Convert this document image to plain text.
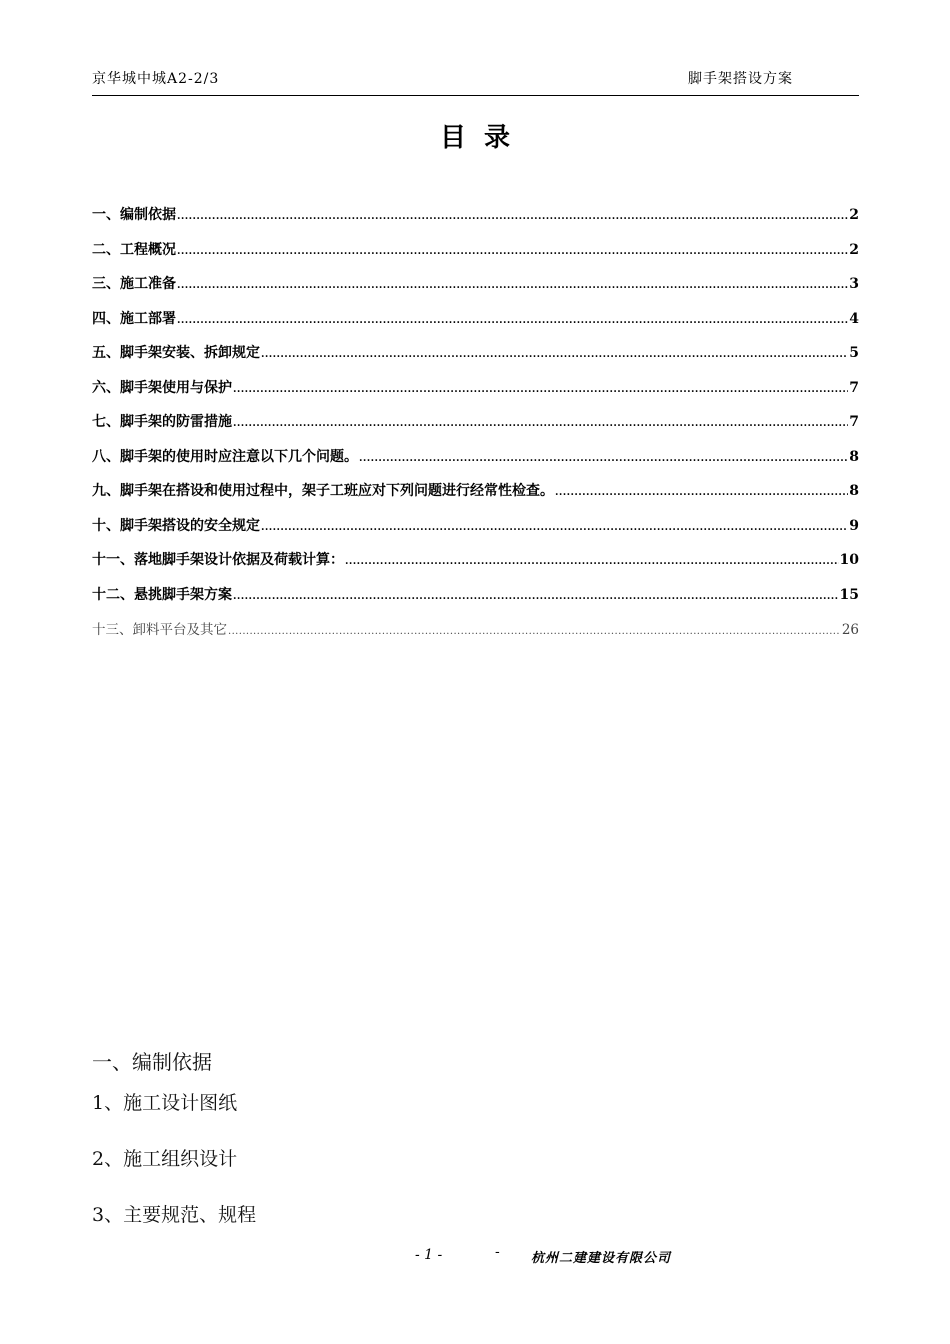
京华城中城A2-2/3	脚手架搭设方案
目录
一、编制依据 .....	2
二、工程概况 .....	2
三、施工准备 .....	3
四、施工部署 .....	4
五、脚手架安装、拆卸规定 .....	5
六、脚手架使用与保护 .....	7
七、脚手架的防雷措施 .....	7
八、脚手架的使用时应注意以下几个问题。 .....	8
九、脚手架在搭设和使用过程中，架子工班应对下列问题进行经常性检查。 .....	8
十、脚手架搭设的安全规定 .....	9
十一、落地脚手架设计依据及荷载计算： .....	10
十二、悬挑脚手架方案 .....	15
十三、卸料平台及其它 .....	26
一、编制依据
1、施工设计图纸
2、施工组织设计
3、主要规范、规程
- 1 -	- 杭州二建建设有限公司
